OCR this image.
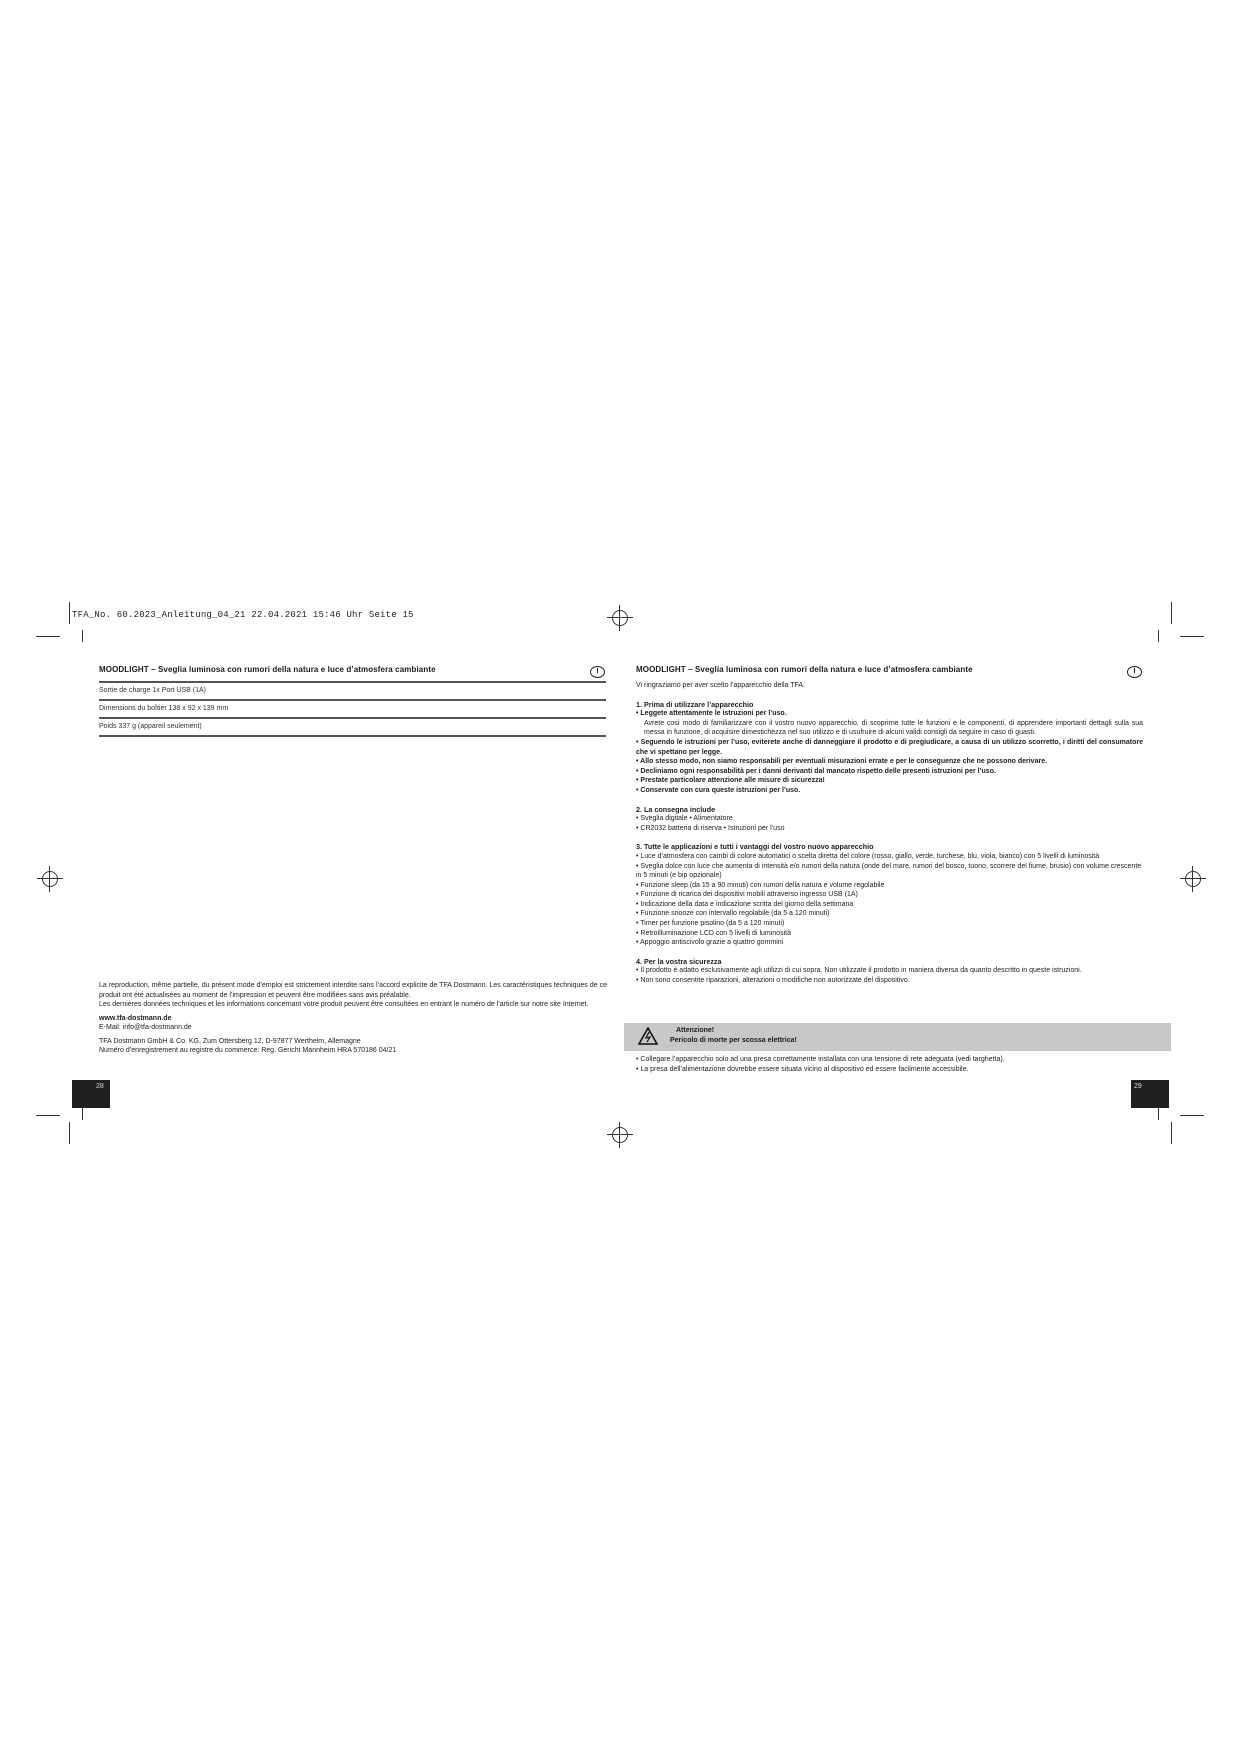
TFA_No. 60.2023_Anleitung_04_21 22.04.2021 15:46 Uhr Seite 15
MOODLIGHT – Sveglia luminosa con rumori della natura e luce d’atmosfera cambiante	I
Sortie de charge 1x Port USB (1A)
Dimensions du boîtier 138 x 92 x 139 mm
Poids 337 g (appareil seulement)

La reproduction, même partielle, du présent mode d’emploi est strictement interdite sans l’accord explicite de TFA Dostmann. Les caractéristiques techniques de ce produit ont été actualisées au moment de l’impression et peuvent être modifiées sans avis préalable.

Les dernières données techniques et les informations concernant votre produit peuvent être consultées en entrant le numéro de l’article sur notre site Internet.

www.tfa-dostmann.de

E-Mail: info@tfa-dostmann.de

TFA Dostmann GmbH & Co. KG, Zum Ottersberg 12, D-97877 Wertheim, Allemagne

Numéro d’enregistrement au registre du commerce: Reg. Gericht Mannheim HRA 570186 04/21

28
MOODLIGHT – Sveglia luminosa con rumori della natura e luce d’atmosfera cambiante	I

Vi ringraziamo per aver scelto l’apparecchio della TFA.

1. Prima di utilizzare l’apparecchio

• Leggete attentamente le istruzioni per l’uso.

Avrete così modo di familiarizzare con il vostro nuovo apparecchio, di scoprirne tutte le funzioni e le componenti, di apprendere importanti dettagli sulla sua messa in funzione, di acquisire dimestichezza nel suo utilizzo e di usufruire di alcuni validi consigli da seguire in caso di guasti.

• Seguendo le istruzioni per l’uso, eviterete anche di danneggiare il prodotto e di pregiudicare, a causa di un utilizzo scorretto, i diritti del consumatore che vi spettano per legge.

• Allo stesso modo, non siamo responsabili per eventuali misurazioni errate e per le conseguenze che ne possono derivare.

• Decliniamo ogni responsabilità per i danni derivanti dal mancato rispetto delle presenti istruzioni per l’uso.

• Prestate particolare attenzione alle misure di sicurezza!

• Conservate con cura queste istruzioni per l’uso.

2. La consegna include

• Sveglia digitale • Alimentatore

• CR2032 batteria di riserva • Istruzioni per l’uso

3. Tutte le applicazioni e tutti i vantaggi del vostro nuovo apparecchio
• Luce d’atmosfera con cambi di colore automatici o scelta diretta del colore (rosso, giallo, verde, turchese, blu, viola, bianco) con 5 livelli di luminosità
• Sveglia dolce con luce che aumenta di intensità e/o rumori della natura (onde del mare, rumori del bosco, tuono, scorrere del fiume, brusio) con volume crescente in 5 minuti (e bip opzionale)
• Funzione sleep (da 15 a 90 minuti) con rumori della natura e volume regolabile
• Funzione di ricarica dei dispositivi mobili attraverso ingresso USB (1A)
• Indicazione della data e indicazione scritta del giorno della settimana
• Funzione snooze con intervallo regolabile (da 5 a 120 minuti)
• Timer per funzione pisolino (da 5 a 120 minuti)
• Retroilluminazione LCD con 5 livelli di luminosità
• Appoggio antiscivolo grazie a quattro gommini
4. Per la vostra sicurezza
• Il prodotto è adatto esclusivamente agli utilizzi di cui sopra. Non utilizzate il prodotto in maniera diversa da quanto descritto in queste istruzioni.
• Non sono consentite riparazioni, alterazioni o modifiche non autorizzate del dispositivo.
Attenzione!
Pericolo di morte per scossa elettrica!
• Collegare l’apparecchio solo ad una presa correttamente installata con una tensione di rete adeguata (vedi targhetta).
• La presa dell’alimentazione dovrebbe essere situata vicino al dispositivo ed essere facilmente accessibile.
29
